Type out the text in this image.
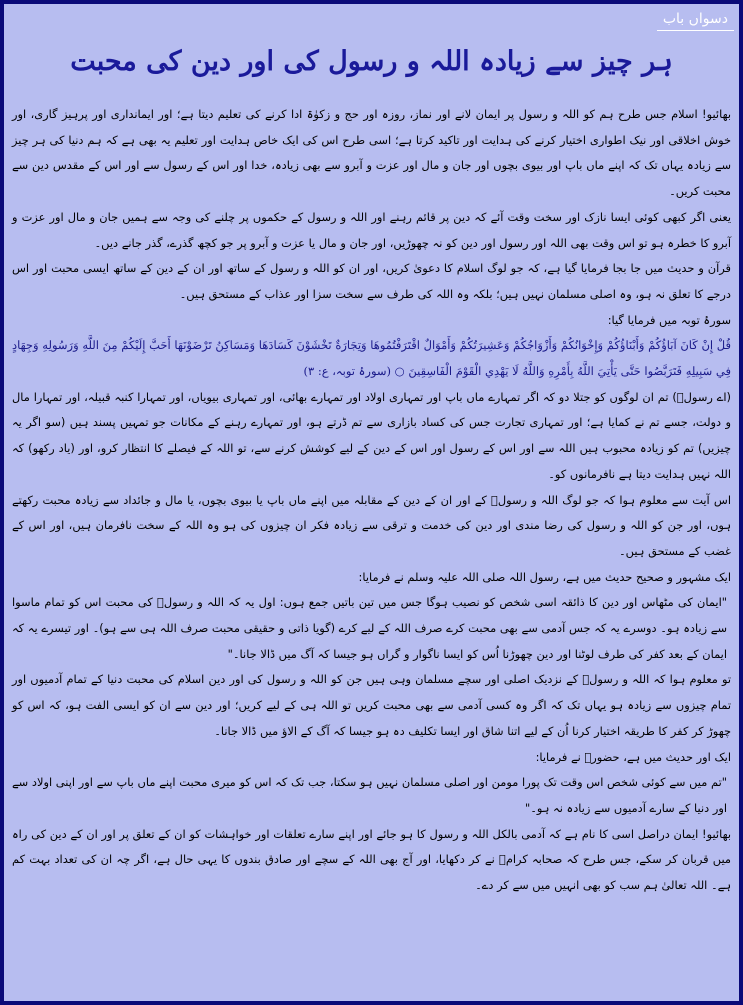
دسواں باب
ہر چیز سے زیادہ اللہ و رسول کی اور دین کی محبت

بھائیو! اسلام جس طرح ہم کو اللہ و رسول پر ایمان لانے اور نماز، روزہ اور حج و زکوٰۃ ادا کرنے کی تعلیم دیتا ہے؛ اور ایمانداری اور پرہیز گاری، اور خوش اخلاقی اور نیک اطواری اختیار کرنے کی ہدایت اور تاکید کرتا ہے؛ اسی طرح اس کی ایک خاص ہدایت اور تعلیم یہ بھی ہے کہ ہم دنیا کی ہر چیز سے زیادہ یہاں تک کہ اپنے ماں باپ اور بیوی بچوں اور جان و مال اور عزت و آبرو سے بھی زیادہ، خدا اور اس کے رسول سے اور اس کے مقدس دین سے محبت کریں۔

یعنی اگر کبھی کوئی ایسا نازک اور سخت وقت آئے کہ دین پر قائم رہنے اور اللہ و رسول کے حکموں پر چلنے کی وجہ سے ہمیں جان و مال اور عزت و آبرو کا خطرہ ہو تو اس وقت بھی اللہ اور رسول اور دین کو نہ چھوڑیں، اور جان و مال یا عزت و آبرو پر جو کچھ گذرے، گذر جانے دیں۔

قرآن و حدیث میں جا بجا فرمایا گیا ہے، کہ جو لوگ اسلام کا دعویٰ کریں، اور ان کو اللہ و رسول کے ساتھ اور ان کے دین کے ساتھ ایسی محبت اور اس درجے کا تعلق نہ ہو، وہ اصلی مسلمان نہیں ہیں؛ بلکہ وہ اللہ کی طرف سے سخت سزا اور عذاب کے مستحق ہیں۔

سورۂ توبہ میں فرمایا گیا:

قُلْ إِنْ كَانَ آبَاؤُكُمْ وَأَبْنَاؤُكُمْ وَإِخْوَانُكُمْ وَأَزْوَاجُكُمْ وَعَشِيرَتُكُمْ وَأَمْوَالٌ اقْتَرَفْتُمُوهَا وَتِجَارَةٌ تَخْشَوْنَ كَسَادَهَا وَمَسَاكِنُ تَرْضَوْنَهَا أَحَبَّ إِلَيْكُمْ مِنَ اللَّهِ وَرَسُولِهِ وَجِهَادٍ فِي سَبِيلِهِ فَتَرَبَّصُوا حَتَّى يَأْتِيَ اللَّهُ بِأَمْرِهِ وَاللَّهُ لَا يَهْدِي الْقَوْمَ الْفَاسِقِينَ ○ (سورۂ توبہ، ع: ۳)

(اے رسولؐ) تم ان لوگوں کو جتلا دو کہ اگر تمہارے ماں باپ اور تمہاری اولاد اور تمہارے بھائی، اور تمہاری بیویاں، اور تمہارا کنبہ قبیلہ، اور تمہارا مال و دولت، جسے تم نے کمایا ہے؛ اور تمہاری تجارت جس کی کساد بازاری سے تم ڈرتے ہو، اور تمہارے رہنے کے مکانات جو تمہیں پسند ہیں (سو اگر یہ چیزیں) تم کو زیادہ محبوب ہیں اللہ سے اور اس کے رسول اور اس کے دین کے لیے کوشش کرنے سے، تو اللہ کے فیصلے کا انتظار کرو، اور (یاد رکھو) کہ اللہ نہیں ہدایت دیتا ہے نافرمانوں کو۔

اس آیت سے معلوم ہوا کہ جو لوگ اللہ و رسولؐ کے اور ان کے دین کے مقابلہ میں اپنے ماں باپ یا بیوی بچوں، یا مال و جائداد سے زیادہ محبت رکھتے ہوں، اور جن کو اللہ و رسول کی رضا مندی اور دین کی خدمت و ترقی سے زیادہ فکر ان چیزوں کی ہو وہ اللہ کے سخت نافرمان ہیں، اور اس کے غضب کے مستحق ہیں۔

ایک مشہور و صحیح حدیث میں ہے، رسول اللہ صلی اللہ علیہ وسلم نے فرمایا:

"ایمان کی مٹھاس اور دین کا ذائقہ اسی شخص کو نصیب ہوگا جس میں تین باتیں جمع ہوں: اول یہ کہ اللہ و رسولؐ کی محبت اس کو تمام ماسوا سے زیادہ ہو۔ دوسرے یہ کہ جس آدمی سے بھی محبت کرے صرف اللہ کے لیے کرے (گویا ذاتی و حقیقی محبت صرف اللہ ہی سے ہو)۔ اور تیسرے یہ کہ ایمان کے بعد کفر کی طرف لوٹنا اور دین چھوڑنا اُس کو ایسا ناگوار و گراں ہو جیسا کہ آگ میں ڈالا جانا۔"

تو معلوم ہوا کہ اللہ و رسولؐ کے نزدیک اصلی اور سچے مسلمان وہی ہیں جن کو اللہ و رسول کی اور دین اسلام کی محبت دنیا کے تمام آدمیوں اور تمام چیزوں سے زیادہ ہو یہاں تک کہ اگر وہ کسی آدمی سے بھی محبت کریں تو اللہ ہی کے لیے کریں؛ اور دین سے ان کو ایسی الفت ہو، کہ اس کو چھوڑ کر کفر کا طریقہ اختیار کرنا اُن کے لیے اتنا شاق اور ایسا تکلیف دہ ہو جیسا کہ آگ کے الاؤ میں ڈالا جانا۔

ایک اور حدیث میں ہے، حضورؐ نے فرمایا:

"تم میں سے کوئی شخص اس وقت تک پورا مومن اور اصلی مسلمان نہیں ہو سکتا، جب تک کہ اس کو میری محبت اپنے ماں باپ سے اور اپنی اولاد سے اور دنیا کے سارے آدمیوں سے زیادہ نہ ہو۔"

بھائیو! ایمان دراصل اسی کا نام ہے کہ آدمی بالکل اللہ و رسول کا ہو جائے اور اپنے سارے تعلقات اور خواہشات کو ان کے تعلق پر اور ان کے دین کی راہ میں قربان کر سکے، جس طرح کہ صحابہ کرامؓ نے کر دکھایا، اور آج بھی اللہ کے سچے اور صادق بندوں کا یہی حال ہے، اگر چہ ان کی تعداد بہت کم ہے۔ اللہ تعالیٰ ہم سب کو بھی انہیں میں سے کر دے۔
